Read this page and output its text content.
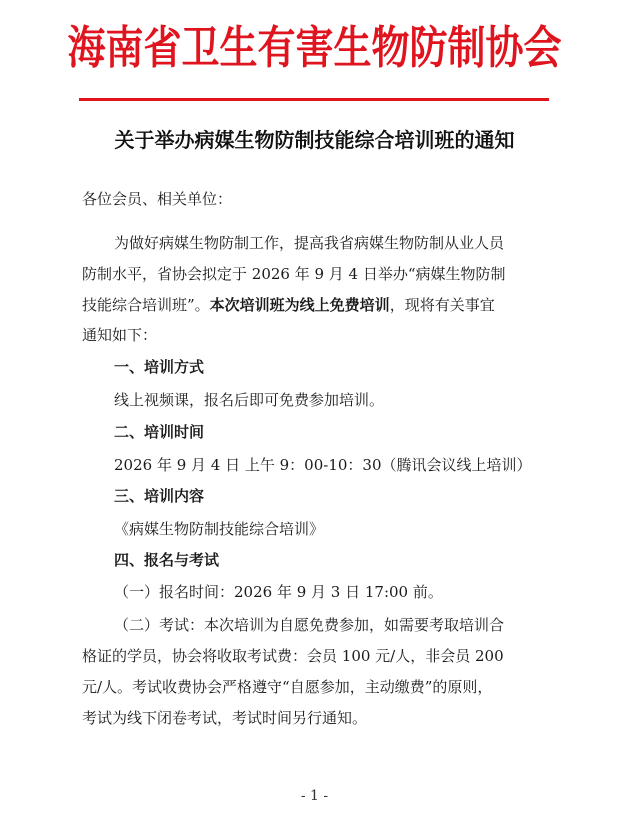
海南省卫生有害生物防制协会
关于举办病媒生物防制技能综合培训班的通知
各位会员、相关单位：
为做好病媒生物防制工作，提高我省病媒生物防制从业人员
防制水平，省协会拟定于 2026 年 9 月 4 日举办“病媒生物防制
技能综合培训班”。本次培训班为线上免费培训，现将有关事宜
通知如下：
一、培训方式
线上视频课，报名后即可免费参加培训。
二、培训时间
2026 年 9 月 4 日 上午 9：00-10：30（腾讯会议线上培训）
三、培训内容
《病媒生物防制技能综合培训》
四、报名与考试
（一）报名时间：2026 年 9 月 3 日 17:00 前。
（二）考试：本次培训为自愿免费参加，如需要考取培训合
格证的学员，协会将收取考试费：会员 100 元/人，非会员 200
元/人。考试收费协会严格遵守“自愿参加，主动缴费”的原则，
考试为线下闭卷考试，考试时间另行通知。
- 1 -
